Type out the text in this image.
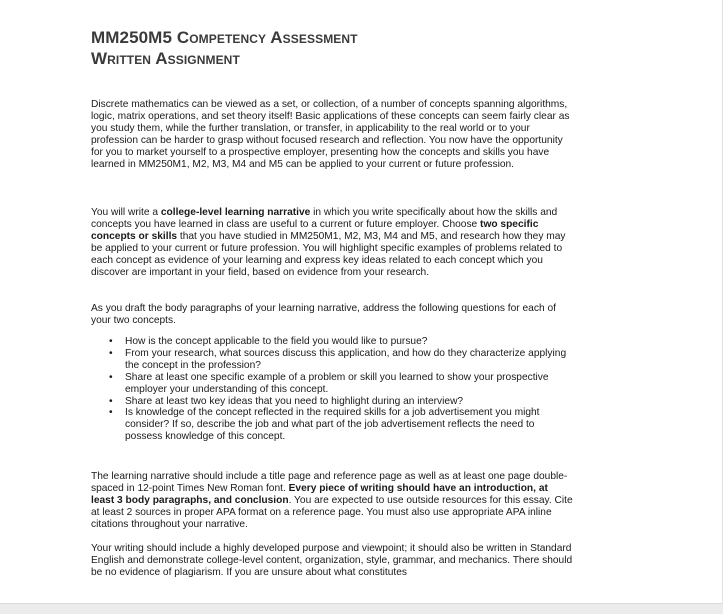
MM250M5 Competency Assessment
Written Assignment

Discrete mathematics can be viewed as a set, or collection, of a number of concepts spanning algorithms, logic, matrix operations, and set theory itself! Basic applications of these concepts can seem fairly clear as you study them, while the further translation, or transfer, in applicability to the real world or to your profession can be harder to grasp without focused research and reflection. You now have the opportunity for you to market yourself to a prospective employer, presenting how the concepts and skills you have learned in MM250M1, M2, M3, M4 and M5 can be applied to your current or future profession.

You will write a college-level learning narrative in which you write specifically about how the skills and concepts you have learned in class are useful to a current or future employer. Choose two specific concepts or skills that you have studied in MM250M1, M2, M3, M4 and M5, and research how they may be applied to your current or future profession. You will highlight specific examples of problems related to each concept as evidence of your learning and express key ideas related to each concept which you discover are important in your field, based on evidence from your research.

As you draft the body paragraphs of your learning narrative, address the following questions for each of your two concepts.

• How is the concept applicable to the field you would like to pursue?
• From your research, what sources discuss this application, and how do they characterize applying the concept in the profession?
• Share at least one specific example of a problem or skill you learned to show your prospective employer your understanding of this concept.
• Share at least two key ideas that you need to highlight during an interview?
• Is knowledge of the concept reflected in the required skills for a job advertisement you might consider? If so, describe the job and what part of the job advertisement reflects the need to possess knowledge of this concept.

The learning narrative should include a title page and reference page as well as at least one page double-spaced in 12-point Times New Roman font. Every piece of writing should have an introduction, at least 3 body paragraphs, and conclusion. You are expected to use outside resources for this essay. Cite at least 2 sources in proper APA format on a reference page. You must also use appropriate APA inline citations throughout your narrative.

Your writing should include a highly developed purpose and viewpoint; it should also be written in Standard English and demonstrate college-level content, organization, style, grammar, and mechanics. There should be no evidence of plagiarism. If you are unsure about what constitutes
